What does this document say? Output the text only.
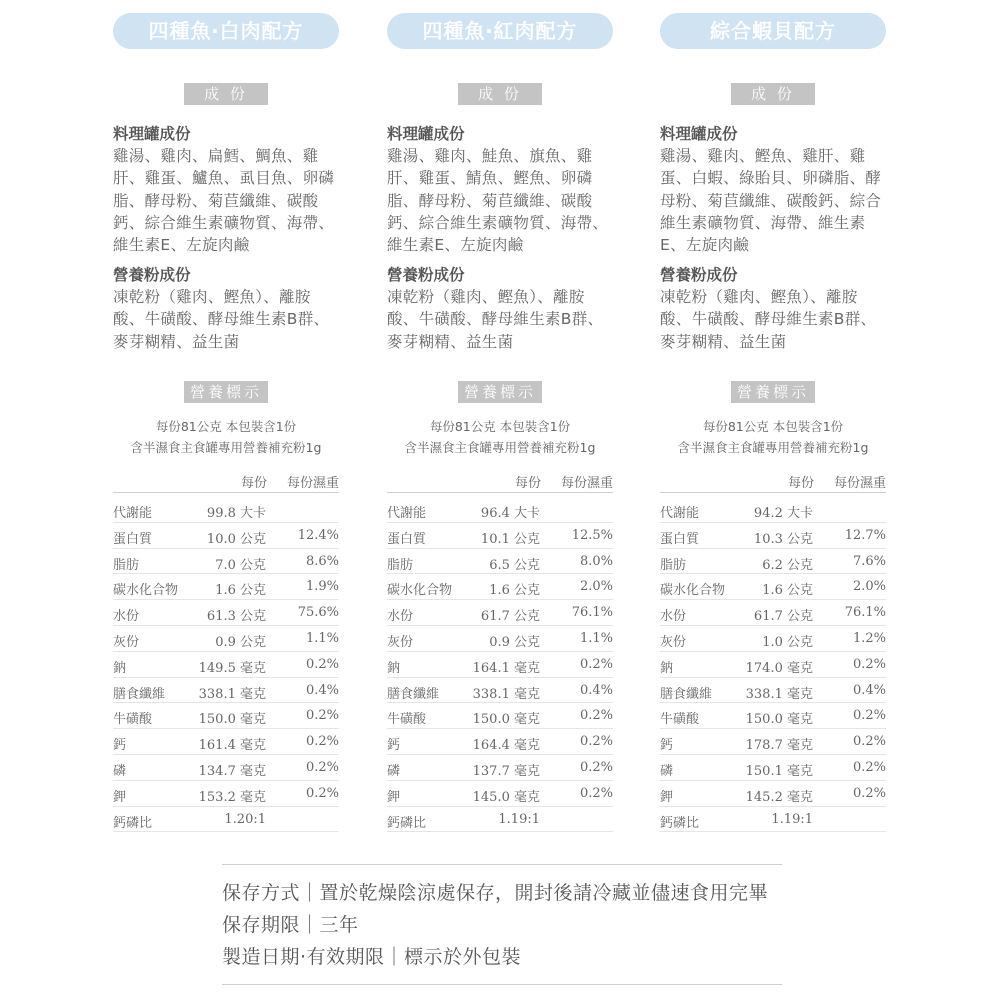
四種魚‧白肉配方
成 份
料理罐成份
雞湯、雞肉、扁鱈、鯛魚、雞肝、雞蛋、鱸魚、虱目魚、卵磷脂、酵母粉、菊苣纖維、碳酸鈣、綜合維生素礦物質、海帶、維生素E、左旋肉鹼
營養粉成份
凍乾粉（雞肉、鰹魚）、離胺酸、牛磺酸、酵母維生素B群、麥芽糊精、益生菌
營養標示
每份81公克 本包裝含1份
含半濕食主食罐專用營養補充粉1g
每份 每份濕重
代謝能	99.8 大卡
蛋白質	10.0 公克 12.4%
脂肪	7.0 公克	8.6%
碳水化合物	1.6 公克	1.9%
水份	61.3 公克 75.6%
灰份	0.9 公克	1.1%
鈉	149.5 毫克	0.2%
膳食纖維	338.1 毫克	0.4%
牛磺酸	150.0 毫克	0.2%
鈣	161.4 毫克	0.2%
磷	134.7 毫克	0.2%
鉀	153.2 毫克	0.2%
鈣磷比	1.20:1
四種魚‧紅肉配方
成 份
料理罐成份
雞湯、雞肉、鮭魚、旗魚、雞肝、雞蛋、鯖魚、鰹魚、卵磷脂、酵母粉、菊苣纖維、碳酸鈣、綜合維生素礦物質、海帶、維生素E、左旋肉鹼
營養粉成份
凍乾粉（雞肉、鰹魚）、離胺酸、牛磺酸、酵母維生素B群、麥芽糊精、益生菌
營養標示
每份81公克 本包裝含1份
含半濕食主食罐專用營養補充粉1g
每份 每份濕重
代謝能	96.4 大卡
蛋白質	10.1 公克 12.5%
脂肪	6.5 公克	8.0%
碳水化合物	1.6 公克	2.0%
水份	61.7 公克 76.1%
灰份	0.9 公克	1.1%
鈉	164.1 毫克	0.2%
膳食纖維	338.1 毫克	0.4%
牛磺酸	150.0 毫克	0.2%
鈣	164.4 毫克	0.2%
磷	137.7 毫克	0.2%
鉀	145.0 毫克	0.2%
鈣磷比	1.19:1
綜合蝦貝配方
成 份
料理罐成份
雞湯、雞肉、鰹魚、雞肝、雞蛋、白蝦、綠貽貝、卵磷脂、酵母粉、菊苣纖維、碳酸鈣、綜合維生素礦物質、海帶、維生素E、左旋肉鹼
營養粉成份
凍乾粉（雞肉、鰹魚）、離胺酸、牛磺酸、酵母維生素B群、麥芽糊精、益生菌
營養標示
每份81公克 本包裝含1份
含半濕食主食罐專用營養補充粉1g
每份 每份濕重
代謝能	94.2 大卡
蛋白質	10.3 公克 12.7%
脂肪	6.2 公克	7.6%
碳水化合物	1.6 公克	2.0%
水份	61.7 公克 76.1%
灰份	1.0 公克	1.2%
鈉	174.0 毫克	0.2%
膳食纖維	338.1 毫克	0.4%
牛磺酸	150.0 毫克	0.2%
鈣	178.7 毫克	0.2%
磷	150.1 毫克	0.2%
鉀	145.2 毫克	0.2%
鈣磷比	1.19:1
保存方式｜置於乾燥陰涼處保存，開封後請冷藏並儘速食用完畢
保存期限｜三年
製造日期‧有效期限｜標示於外包裝
